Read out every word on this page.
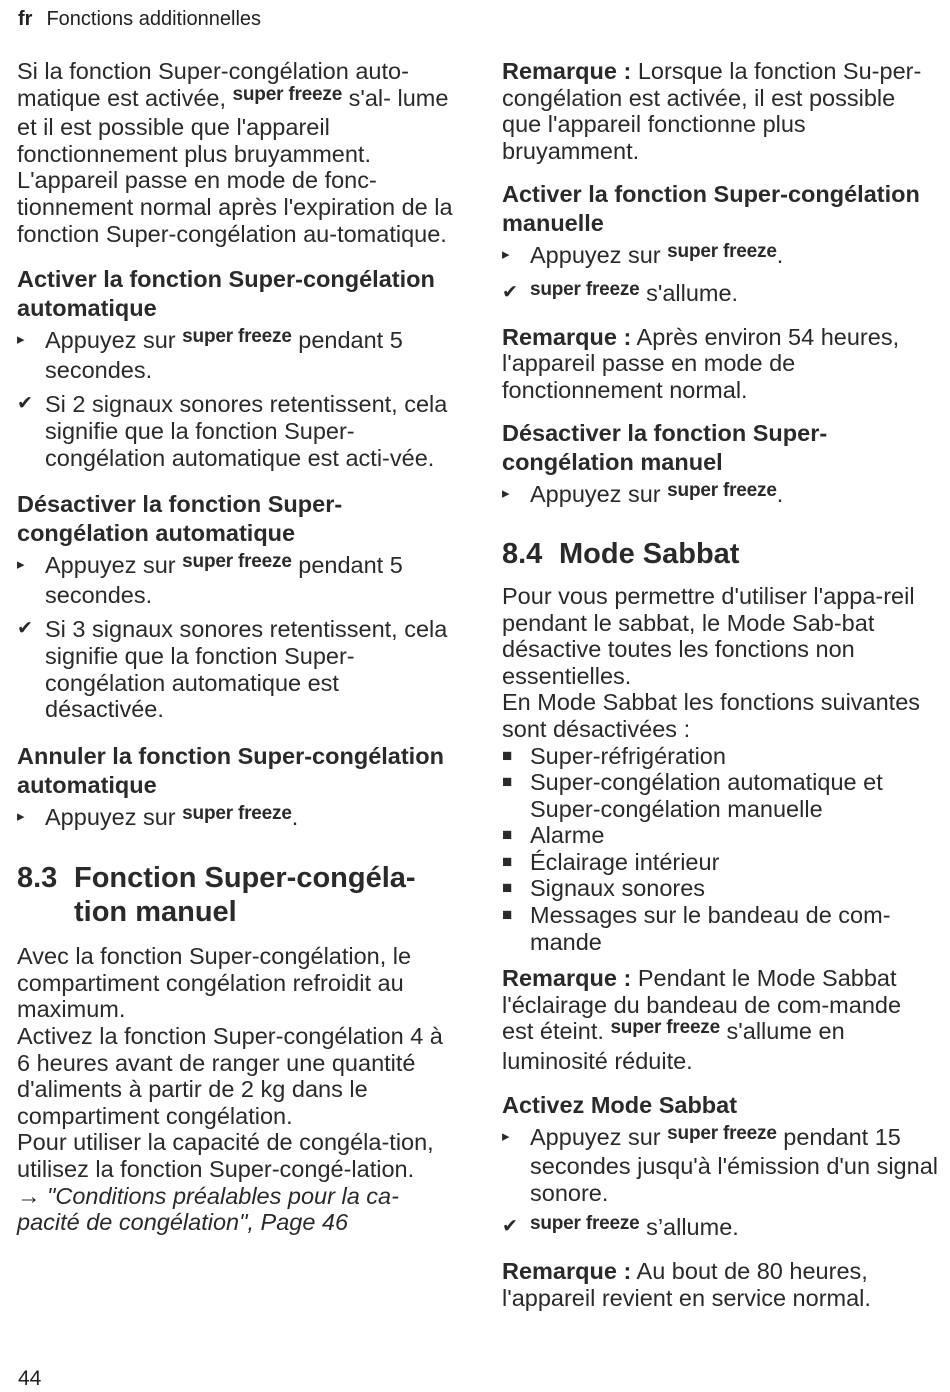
fr Fonctions additionnelles

Si la fonction Super-congélation auto-
matique est activée, $^{super freeze}$ s'al- lume et il est possible que l'appareil fonctionnement plus bruyamment. L'appareil passe en mode de fonc-tionnement normal après l'expiration de la fonction Super-congélation au-tomatique.

Activer la fonction Super-congélation automatique
▸ Appuyez sur $^{super freeze}$ pendant 5 secondes.
✔ Si 2 signaux sonores retentissent, cela signifie que la fonction Super-congélation automatique est acti-vée.
Désactiver la fonction Super-congélation automatique
▸ Appuyez sur $^{super freeze}$ pendant 5 secondes.
✔ Si 3 signaux sonores retentissent, cela signifie que la fonction Super-congélation automatique est désactivée.
Annuler la fonction Super-congélation automatique
▸ Appuyez sur $^{super freeze}$.
8.3 Fonction Super-congéla-tion manuel

Avec la fonction Super-congélation, le compartiment congélation refroidit au maximum.

Activez la fonction Super-congélation 4 à 6 heures avant de ranger une quantité d'aliments à partir de 2 kg dans le compartiment congélation.

Pour utiliser la capacité de congéla-tion, utilisez la fonction Super-congé-lation.

→ "Conditions préalables pour la ca-pacité de congélation", Page 46

Remarque : Lorsque la fonction Su-per-congélation est activée, il est possible que l'appareil fonctionne plus bruyamment.

Activer la fonction Super-congélation manuelle
▸ Appuyez sur $^{super freeze}$.
✔ $^{super freeze}$ s'allume.

Remarque : Après environ 54 heures, l'appareil passe en mode de fonctionnement normal.

Désactiver la fonction Super-congélation manuel
▸ Appuyez sur $^{super freeze}$.
8.4 Mode Sabbat

Pour vous permettre d'utiliser l'appa-reil pendant le sabbat, le Mode Sab-bat désactive toutes les fonctions non essentielles.

En Mode Sabbat les fonctions suivantes sont désactivées :

■ Super-réfrigération
■ Super-congélation automatique et Super-congélation manuelle
■ Alarme
■ Éclairage intérieur
■ Signaux sonores
■ Messages sur le bandeau de com-mande

Remarque : Pendant le Mode Sabbat l'éclairage du bandeau de com-mande est éteint. $^{super freeze}$ s'allume en luminosité réduite.

Activez Mode Sabbat
▸ Appuyez sur $^{super freeze}$ pendant 15 secondes jusqu'à l'émission d'un signal sonore.
✔ $^{super freeze}$ s’allume.

Remarque : Au bout de 80 heures, l'appareil revient en service normal.

44
